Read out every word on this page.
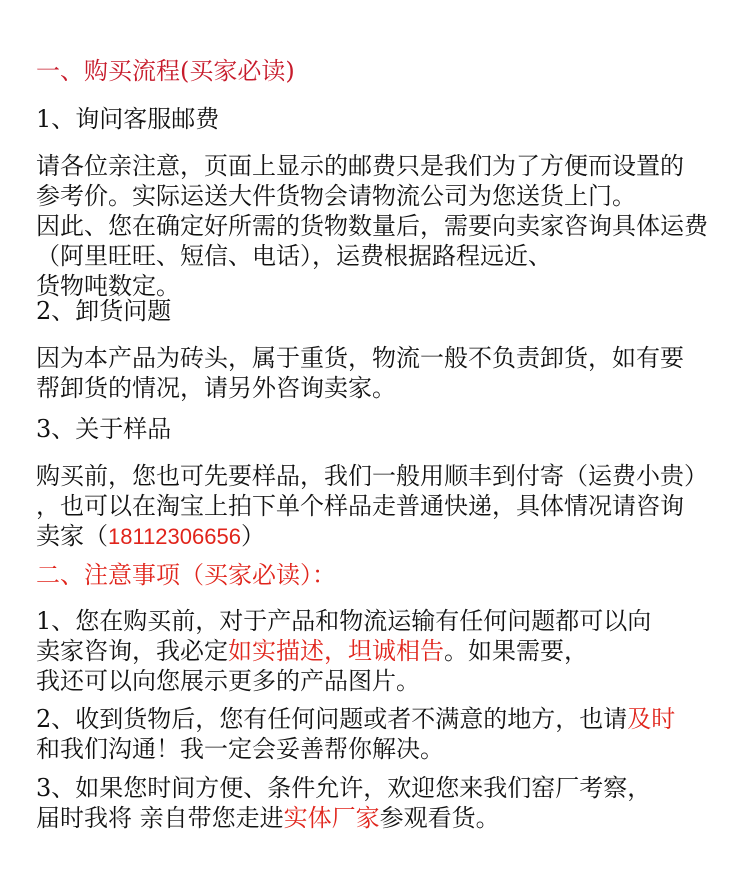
一、购买流程(买家必读)

1、询问客服邮费

请各位亲注意，页面上显示的邮费只是我们为了方便而设置的
参考价。实际运送大件货物会请物流公司为您送货上门。
因此、您在确定好所需的货物数量后，需要向卖家咨询具体运费
（阿里旺旺、短信、电话），运费根据路程远近、
货物吨数定。

2、卸货问题

因为本产品为砖头，属于重货，物流一般不负责卸货，如有要
帮卸货的情况，请另外咨询卖家。

3、关于样品

购买前，您也可先要样品，我们一般用顺丰到付寄（运费小贵）
，也可以在淘宝上拍下单个样品走普通快递，具体情况请咨询
卖家（18112306656）

二、注意事项（买家必读）：

1、您在购买前，对于产品和物流运输有任何问题都可以向
卖家咨询，我必定如实描述，坦诚相告。如果需要，
我还可以向您展示更多的产品图片。
2、收到货物后，您有任何问题或者不满意的地方，也请及时
和我们沟通！我一定会妥善帮你解决。
3、如果您时间方便、条件允许，欢迎您来我们窑厂考察，
届时我将 亲自带您走进实体厂家参观看货。
